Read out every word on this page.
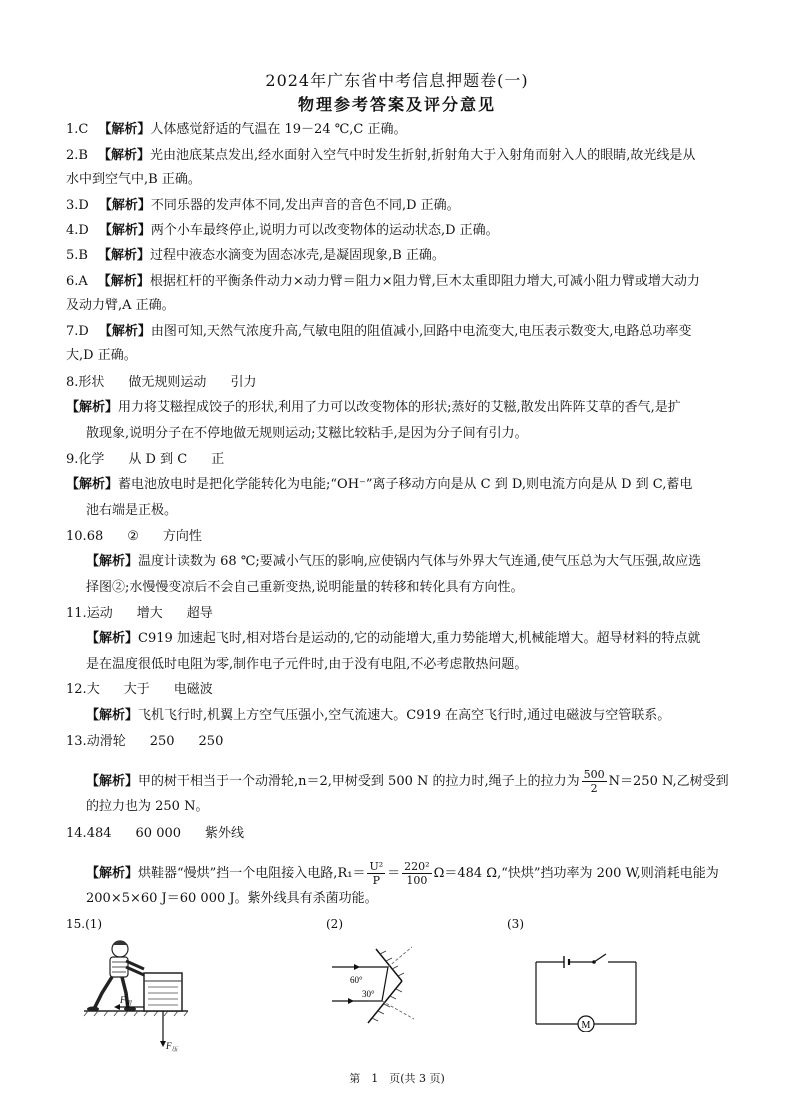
2024年广东省中考信息押题卷(一)
物理参考答案及评分意见
1.C 【解析】人体感觉舒适的气温在 19－24 ℃,C 正确。
2.B 【解析】光由池底某点发出,经水面射入空气中时发生折射,折射角大于入射角而射入人的眼睛,故光线是从
水中到空气中,B 正确。
3.D 【解析】不同乐器的发声体不同,发出声音的音色不同,D 正确。
4.D 【解析】两个小车最终停止,说明力可以改变物体的运动状态,D 正确。
5.B 【解析】过程中液态水滴变为固态冰壳,是凝固现象,B 正确。
6.A 【解析】根据杠杆的平衡条件动力×动力臂＝阻力×阻力臂,巨木太重即阻力增大,可减小阻力臂或增大动力
及动力臂,A 正确。
7.D 【解析】由图可知,天然气浓度升高,气敏电阻的阻值减小,回路中电流变大,电压表示数变大,电路总功率变
大,D 正确。
8.形状 做无规则运动 引力
【解析】用力将艾糍捏成饺子的形状,利用了力可以改变物体的形状;蒸好的艾糍,散发出阵阵艾草的香气,是扩
散现象,说明分子在不停地做无规则运动;艾糍比较粘手,是因为分子间有引力。
9.化学 从 D 到 C 正
【解析】蓄电池放电时是把化学能转化为电能;“OH⁻”离子移动方向是从 C 到 D,则电流方向是从 D 到 C,蓄电
池右端是正极。
10.68 ② 方向性
【解析】温度计读数为 68 ℃;要减小气压的影响,应使锅内气体与外界大气连通,使气压总为大气压强,故应选
择图②;水慢慢变凉后不会自己重新变热,说明能量的转移和转化具有方向性。
11.运动 增大 超导
【解析】C919 加速起飞时,相对塔台是运动的,它的动能增大,重力势能增大,机械能增大。超导材料的特点就
是在温度很低时电阻为零,制作电子元件时,由于没有电阻,不必考虑散热问题。
12.大 大于 电磁波
【解析】飞机飞行时,机翼上方空气压强小,空气流速大。C919 在高空飞行时,通过电磁波与空管联系。
13.动滑轮 250 250
【解析】甲的树干相当于一个动滑轮,n＝2,甲树受到 500 N 的拉力时,绳子上的拉力为 $\frac{500}{2} N=250$ N,乙树受到
的拉力也为 250 N。
14.484 60 000 紫外线
【解析】烘鞋器“慢烘”挡一个电阻接入电路$,R_1= \frac{\text{U²}}{P} = \frac{\text{220²}}{100} \Omega=484$ Ω,“快烘”挡功率为 200 W,则消耗电能为
200×5×60 J＝60 000 J。紫外线具有杀菌功能。
15.(1)	(2)	(3)
$F_阻$
$F_压$
60°
30°
M
第　1　页(共 3 页)
